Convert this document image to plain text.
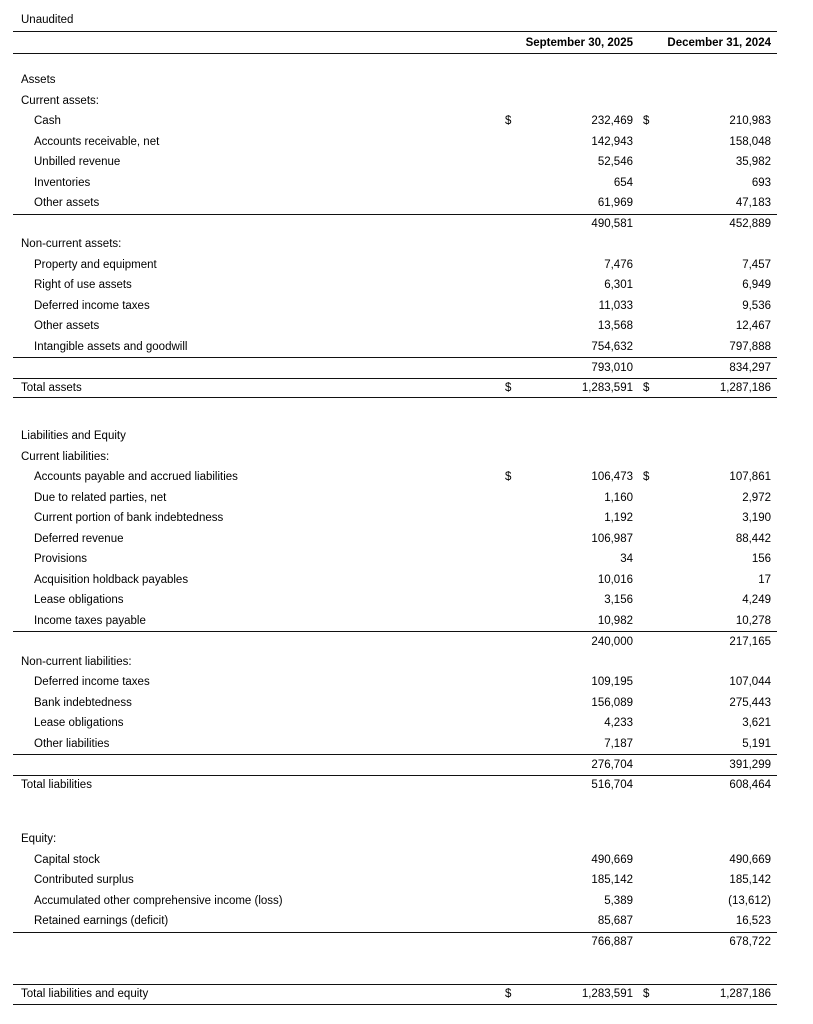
Unaudited
September 30, 2025	December 31, 2024
Assets
Current assets:
Cash	$	232,469 $	210,983
Accounts receivable, net	142,943	158,048
Unbilled revenue	52,546	35,982
Inventories	654	693
Other assets	61,969	47,183
490,581	452,889
Non-current assets:
Property and equipment	7,476	7,457
Right of use assets	6,301	6,949
Deferred income taxes	11,033	9,536
Other assets	13,568	12,467
Intangible assets and goodwill	754,632	797,888
793,010	834,297
Total assets	$	1,283,591 $	1,287,186
Liabilities and Equity
Current liabilities:
Accounts payable and accrued liabilities	$	106,473 $	107,861
Due to related parties, net	1,160	2,972
Current portion of bank indebtedness	1,192	3,190
Deferred revenue	106,987	88,442
Provisions	34	156
Acquisition holdback payables	10,016	17
Lease obligations	3,156	4,249
Income taxes payable	10,982	10,278
240,000	217,165
Non-current liabilities:
Deferred income taxes	109,195	107,044
Bank indebtedness	156,089	275,443
Lease obligations	4,233	3,621
Other liabilities	7,187	5,191
276,704	391,299
Total liabilities	516,704	608,464
Equity:
Capital stock	490,669	490,669
Contributed surplus	185,142	185,142
Accumulated other comprehensive income (loss)	5,389	(13,612)
Retained earnings (deficit)	85,687	16,523
766,887	678,722
Total liabilities and equity	$	1,283,591 $	1,287,186
